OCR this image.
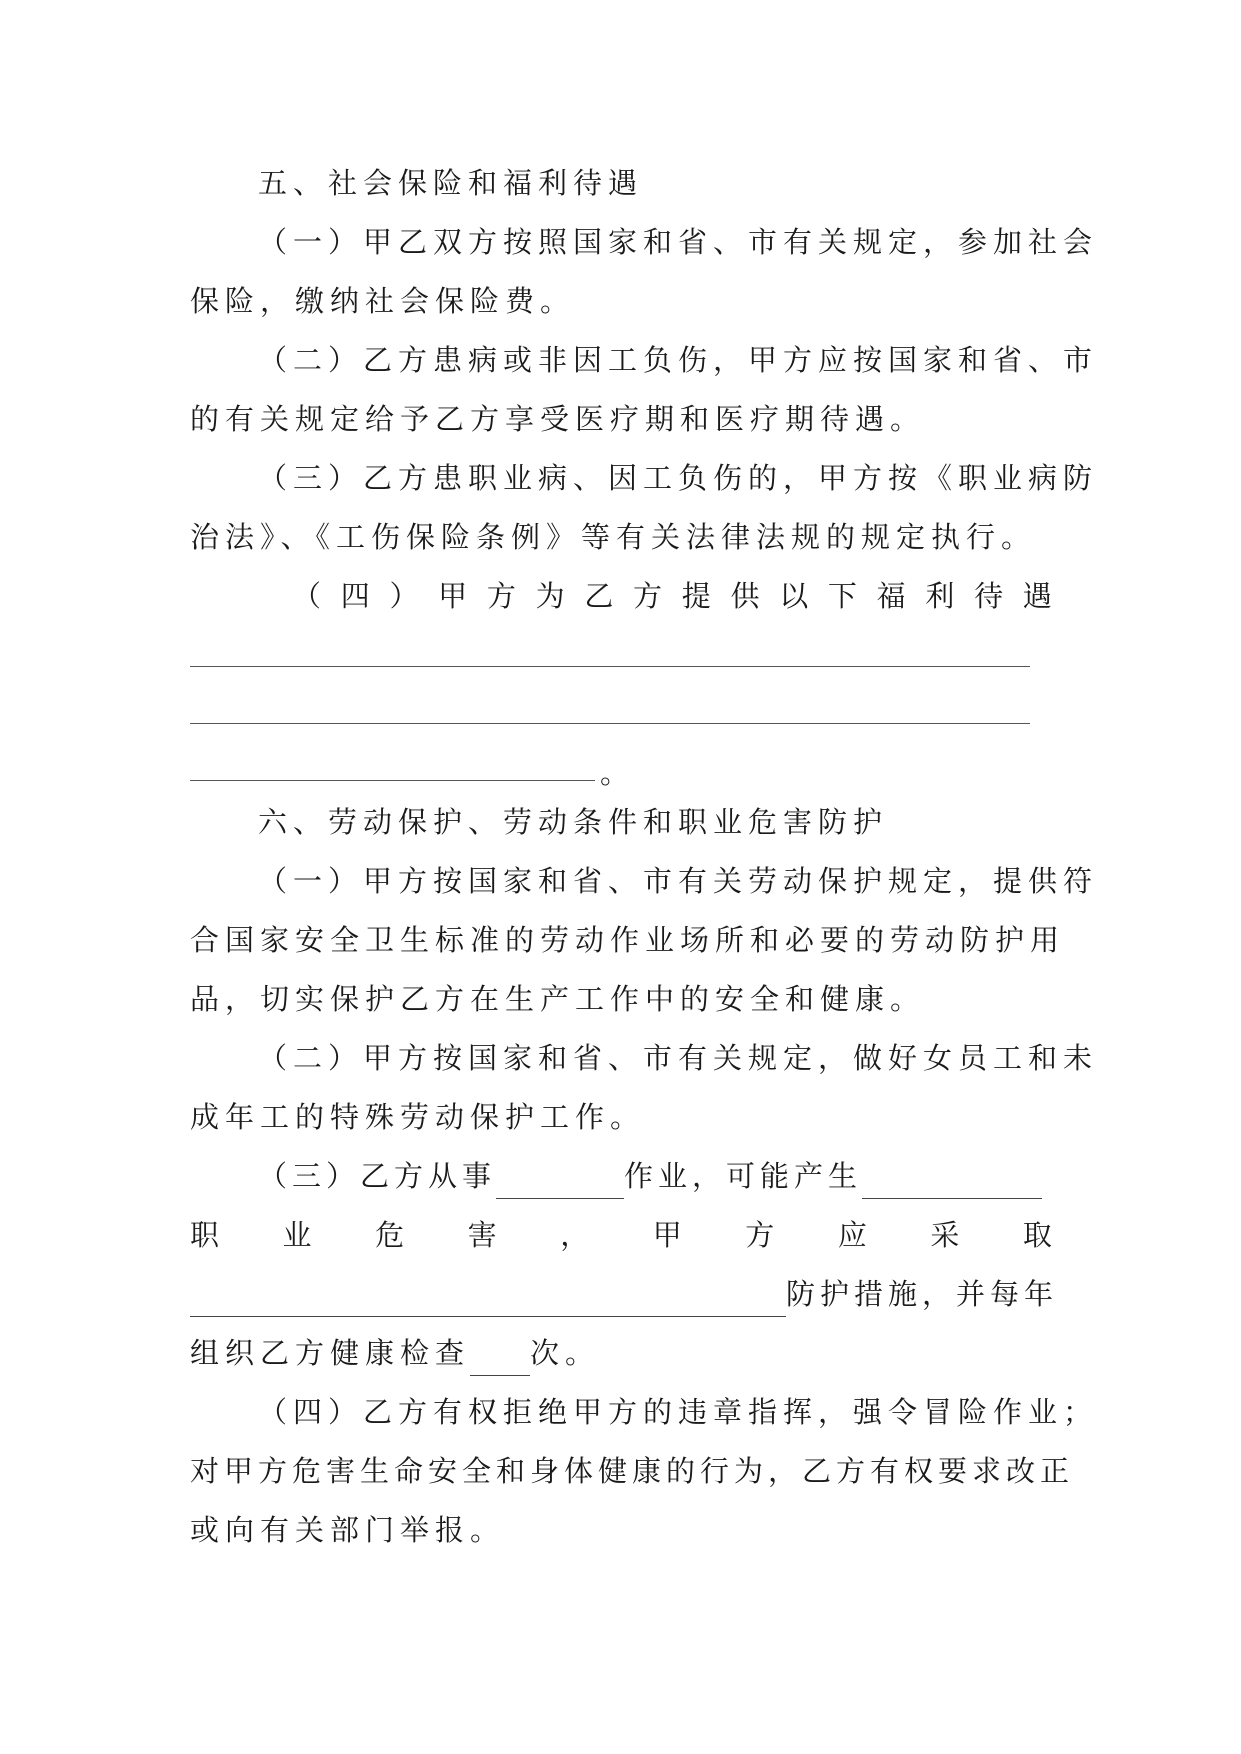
五、社会保险和福利待遇
（一）甲乙双方按照国家和省、市有关规定，参加社会
保险，缴纳社会保险费。
（二）乙方患病或非因工负伤，甲方应按国家和省、市
的有关规定给予乙方享受医疗期和医疗期待遇。
（三）乙方患职业病、因工负伤的，甲方按《职业病防
治法》、《工伤保险条例》等有关法律法规的规定执行。
（ 四 ） 甲 方 为 乙 方 提 供 以 下 福 利 待 遇
。
六、劳动保护、劳动条件和职业危害防护
（一）甲方按国家和省、市有关劳动保护规定，提供符
合国家安全卫生标准的劳动作业场所和必要的劳动防护用
品，切实保护乙方在生产工作中的安全和健康。
（二）甲方按国家和省、市有关规定，做好女员工和未
成年工的特殊劳动保护工作。
（三）乙方从事	作业，可能产生
职 业 危 害 ， 甲 方 应 采 取
防护措施，并每年
组织乙方健康检查 次。
（四）乙方有权拒绝甲方的违章指挥，强令冒险作业；
对甲方危害生命安全和身体健康的行为，乙方有权要求改正
或向有关部门举报。
